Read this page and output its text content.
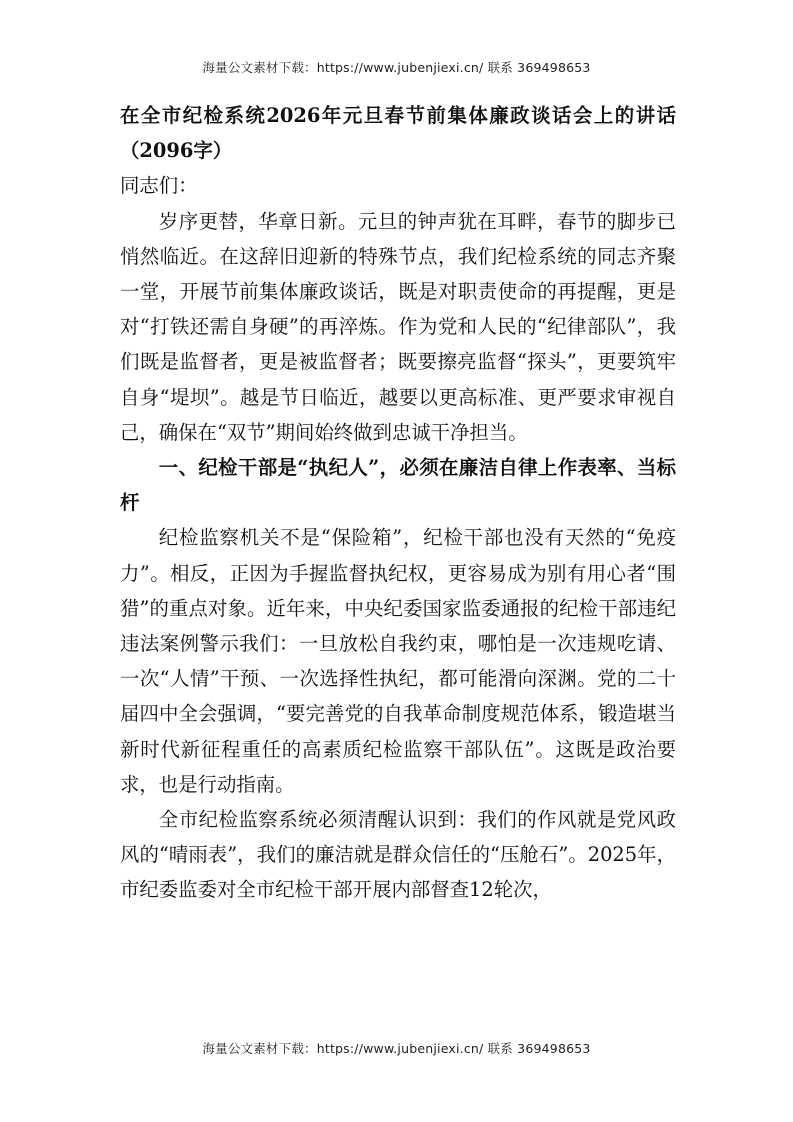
海量公文素材下载：https://www.jubenjiexi.cn/ 联系 369498653

在全市纪检系统2026年元旦春节前集体廉政谈话会上的讲话（2096字）

同志们：

岁序更替，华章日新。元旦的钟声犹在耳畔，春节的脚步已悄然临近。在这辞旧迎新的特殊节点，我们纪检系统的同志齐聚一堂，开展节前集体廉政谈话，既是对职责使命的再提醒，更是对“打铁还需自身硬”的再淬炼。作为党和人民的“纪律部队”，我们既是监督者，更是被监督者；既要擦亮监督“探头”，更要筑牢自身“堤坝”。越是节日临近，越要以更高标准、更严要求审视自己，确保在“双节”期间始终做到忠诚干净担当。

一、纪检干部是“执纪人”，必须在廉洁自律上作表率、当标杆

纪检监察机关不是“保险箱”，纪检干部也没有天然的“免疫力”。相反，正因为手握监督执纪权，更容易成为别有用心者“围猎”的重点对象。近年来，中央纪委国家监委通报的纪检干部违纪违法案例警示我们：一旦放松自我约束，哪怕是一次违规吃请、一次“人情”干预、一次选择性执纪，都可能滑向深渊。党的二十届四中全会强调，“要完善党的自我革命制度规范体系，锻造堪当新时代新征程重任的高素质纪检监察干部队伍”。这既是政治要求，也是行动指南。

全市纪检监察系统必须清醒认识到：我们的作风就是党风政风的“晴雨表”，我们的廉洁就是群众信任的“压舱石”。2025年，市纪委监委对全市纪检干部开展内部督查12轮次，

海量公文素材下载：https://www.jubenjiexi.cn/ 联系 369498653
